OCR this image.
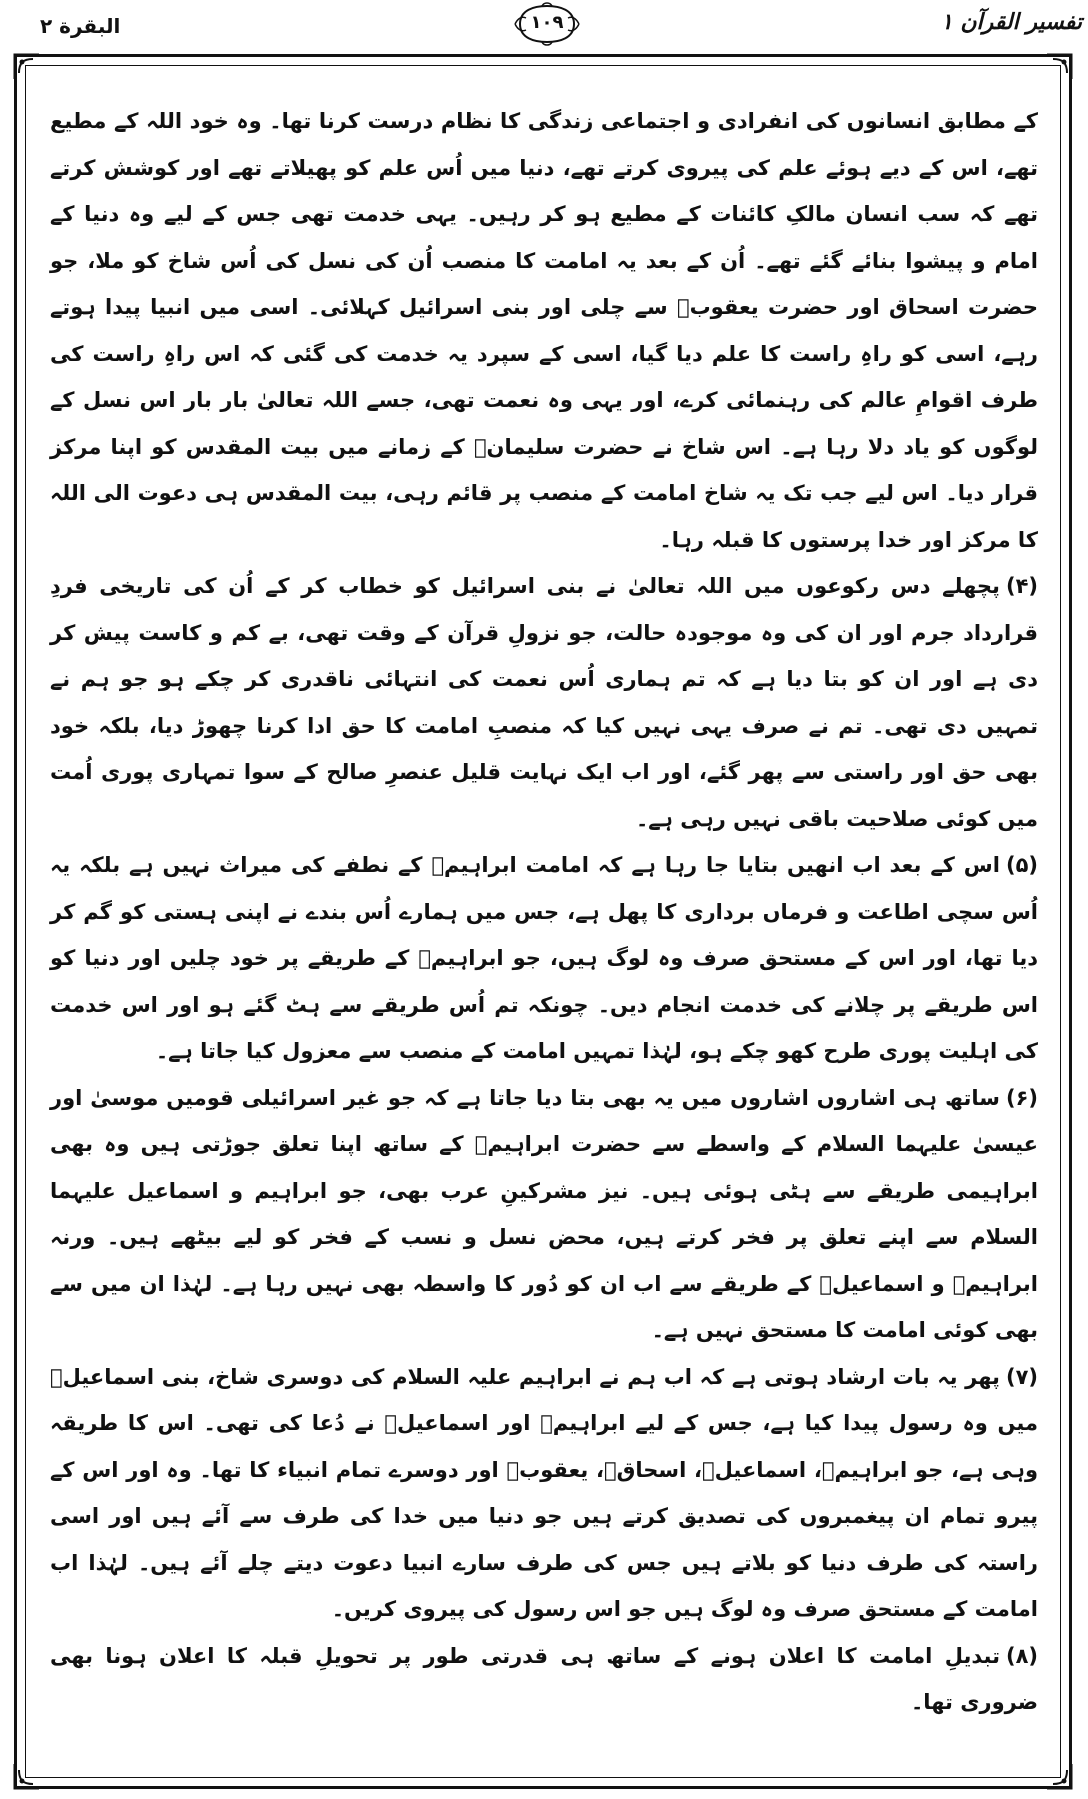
البقرة ۲	۱۰۹	تفسیر القرآن ۱

کے مطابق انسانوں کی انفرادی و اجتماعی زندگی کا نظام درست کرنا تھا۔ وہ خود اللہ کے مطیع تھے، اس کے دیے ہوئے علم کی پیروی کرتے تھے، دنیا میں اُس علم کو پھیلاتے تھے اور کوشش کرتے تھے کہ سب انسان مالکِ کائنات کے مطیع ہو کر رہیں۔ یہی خدمت تھی جس کے لیے وہ دنیا کے امام و پیشوا بنائے گئے تھے۔ اُن کے بعد یہ امامت کا منصب اُن کی نسل کی اُس شاخ کو ملا، جو حضرت اسحاق اور حضرت یعقوبؑ سے چلی اور بنی اسرائیل کہلائی۔ اسی میں انبیا پیدا ہوتے رہے، اسی کو راہِ راست کا علم دیا گیا، اسی کے سپرد یہ خدمت کی گئی کہ اس راہِ راست کی طرف اقوامِ عالم کی رہنمائی کرے، اور یہی وہ نعمت تھی، جسے اللہ تعالیٰ بار بار اس نسل کے لوگوں کو یاد دلا رہا ہے۔ اس شاخ نے حضرت سلیمانؑ کے زمانے میں بیت المقدس کو اپنا مرکز قرار دیا۔ اس لیے جب تک یہ شاخ امامت کے منصب پر قائم رہی، بیت المقدس ہی دعوت الی اللہ کا مرکز اور خدا پرستوں کا قبلہ رہا۔

(۴)پچھلے دس رکوعوں میں اللہ تعالیٰ نے بنی اسرائیل کو خطاب کر کے اُن کی تاریخی فردِ قرارداد جرم اور ان کی وہ موجودہ حالت، جو نزولِ قرآن کے وقت تھی، بے کم و کاست پیش کر دی ہے اور ان کو بتا دیا ہے کہ تم ہماری اُس نعمت کی انتہائی ناقدری کر چکے ہو جو ہم نے تمہیں دی تھی۔ تم نے صرف یہی نہیں کیا کہ منصبِ امامت کا حق ادا کرنا چھوڑ دیا، بلکہ خود بھی حق اور راستی سے پھر گئے، اور اب ایک نہایت قلیل عنصرِ صالح کے سوا تمہاری پوری اُمت میں کوئی صلاحیت باقی نہیں رہی ہے۔

(۵)اس کے بعد اب انھیں بتایا جا رہا ہے کہ امامت ابراہیمؑ کے نطفے کی میراث نہیں ہے بلکہ یہ اُس سچی اطاعت و فرماں برداری کا پھل ہے، جس میں ہمارے اُس بندے نے اپنی ہستی کو گم کر دیا تھا، اور اس کے مستحق صرف وہ لوگ ہیں، جو ابراہیمؑ کے طریقے پر خود چلیں اور دنیا کو اس طریقے پر چلانے کی خدمت انجام دیں۔ چونکہ تم اُس طریقے سے ہٹ گئے ہو اور اس خدمت کی اہلیت پوری طرح کھو چکے ہو، لہٰذا تمہیں امامت کے منصب سے معزول کیا جاتا ہے۔

(۶)ساتھ ہی اشاروں اشاروں میں یہ بھی بتا دیا جاتا ہے کہ جو غیر اسرائیلی قومیں موسیٰ اور عیسیٰ علیہما السلام کے واسطے سے حضرت ابراہیمؑ کے ساتھ اپنا تعلق جوڑتی ہیں وہ بھی ابراہیمی طریقے سے ہٹی ہوئی ہیں۔ نیز مشرکینِ عرب بھی، جو ابراہیم و اسماعیل علیہما السلام سے اپنے تعلق پر فخر کرتے ہیں، محض نسل و نسب کے فخر کو لیے بیٹھے ہیں۔ ورنہ ابراہیمؑ و اسماعیلؑ کے طریقے سے اب ان کو دُور کا واسطہ بھی نہیں رہا ہے۔ لہٰذا ان میں سے بھی کوئی امامت کا مستحق نہیں ہے۔

(۷)پھر یہ بات ارشاد ہوتی ہے کہ اب ہم نے ابراہیم علیہ السلام کی دوسری شاخ، بنی اسماعیلؑ میں وہ رسول پیدا کیا ہے، جس کے لیے ابراہیمؑ اور اسماعیلؑ نے دُعا کی تھی۔ اس کا طریقہ وہی ہے، جو ابراہیمؑ، اسماعیلؑ، اسحاقؑ، یعقوبؑ اور دوسرے تمام انبیاء کا تھا۔ وہ اور اس کے پیرو تمام ان پیغمبروں کی تصدیق کرتے ہیں جو دنیا میں خدا کی طرف سے آئے ہیں اور اسی راستہ کی طرف دنیا کو بلاتے ہیں جس کی طرف سارے انبیا دعوت دیتے چلے آئے ہیں۔ لہٰذا اب امامت کے مستحق صرف وہ لوگ ہیں جو اس رسول کی پیروی کریں۔

(۸)تبدیلِ امامت کا اعلان ہونے کے ساتھ ہی قدرتی طور پر تحویلِ قبلہ کا اعلان ہونا بھی ضروری تھا۔
